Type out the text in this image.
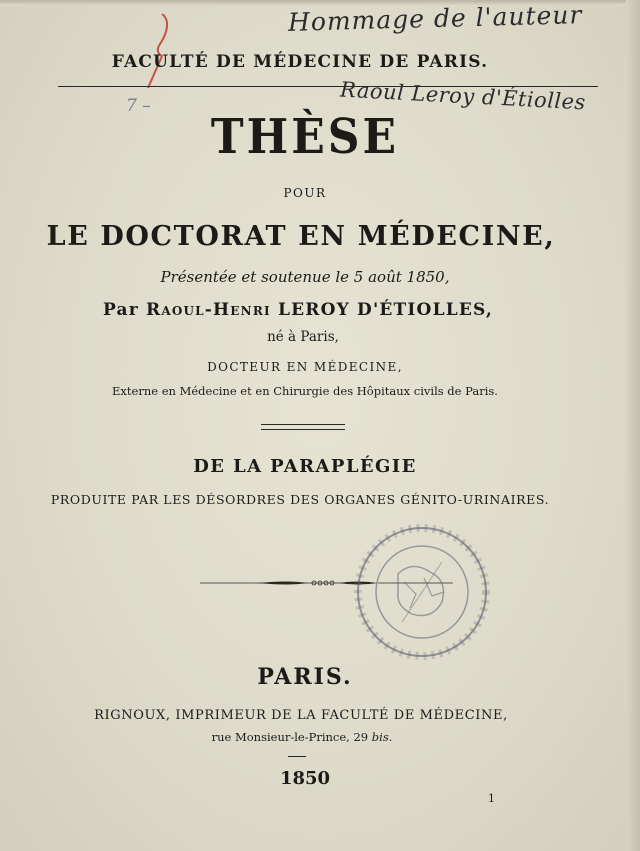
Hommage de l'auteur
Raoul Leroy d'Étiolles
7 –
FACULTÉ DE MÉDECINE DE PARIS.
THÈSE
POUR
LE DOCTORAT EN MÉDECINE,
Présentée et soutenue le 5 août 1850,
Par Raoul-Henri LEROY D'ÉTIOLLES,
né à Paris,
DOCTEUR EN MÉDECINE,
Externe en Médecine et en Chirurgie des Hôpitaux civils de Paris.
DE LA PARAPLÉGIE
PRODUITE PAR LES DÉSORDRES DES ORGANES GÉNITO-URINAIRES.
PARIS.
RIGNOUX, IMPRIMEUR DE LA FACULTÉ DE MÉDECINE,
rue Monsieur-le-Prince, 29 bis.
1850
1
